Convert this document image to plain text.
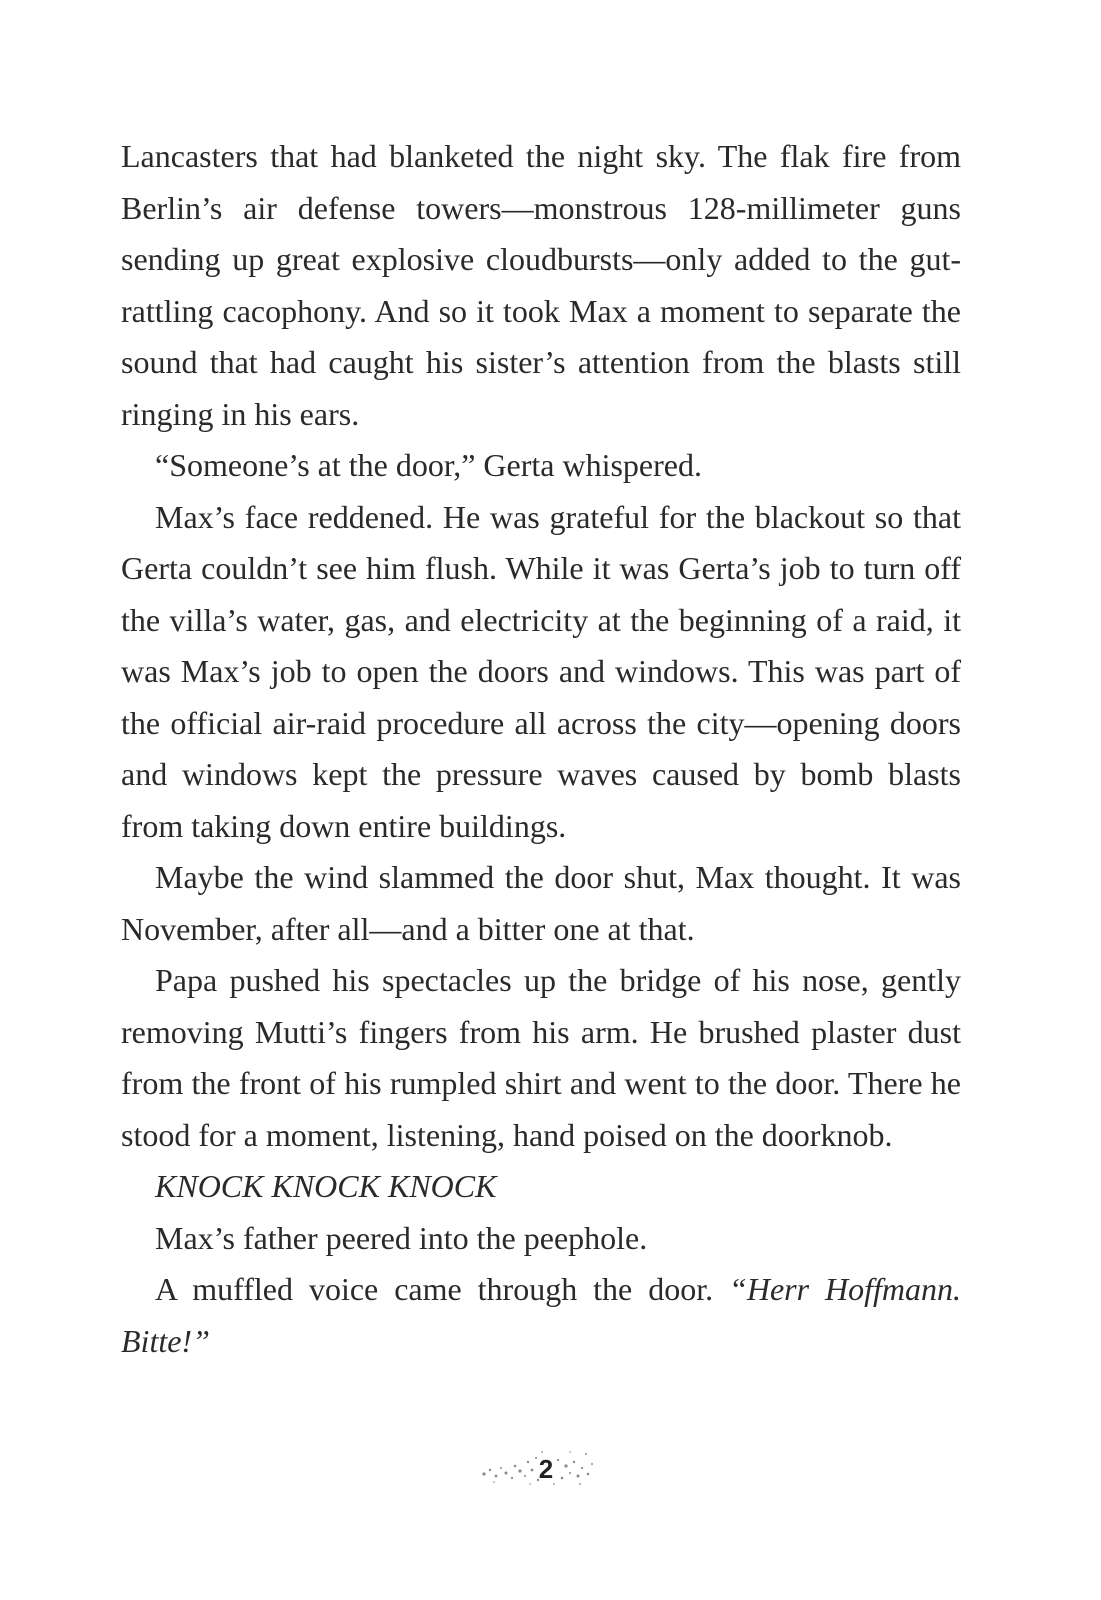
Lancasters that had blanketed the night sky. The flak fire from Berlin’s air defense towers—monstrous 128-millimeter guns sending up great explosive cloudbursts—only added to the gut-rattling cacophony. And so it took Max a moment to separate the sound that had caught his sister’s attention from the blasts still ringing in his ears.

“Someone’s at the door,” Gerta whispered.

Max’s face reddened. He was grateful for the blackout so that Gerta couldn’t see him flush. While it was Gerta’s job to turn off the villa’s water, gas, and electricity at the beginning of a raid, it was Max’s job to open the doors and windows. This was part of the official air-raid procedure all across the city—opening doors and windows kept the pressure waves caused by bomb blasts from taking down entire buildings.

Maybe the wind slammed the door shut, Max thought. It was November, after all—and a bitter one at that.

Papa pushed his spectacles up the bridge of his nose, gently removing Mutti’s fingers from his arm. He brushed plaster dust from the front of his rumpled shirt and went to the door. There he stood for a moment, listening, hand poised on the doorknob.

KNOCK KNOCK KNOCK

Max’s father peered into the peephole.

A muffled voice came through the door. “Herr Hoffmann. Bitte!”

2
